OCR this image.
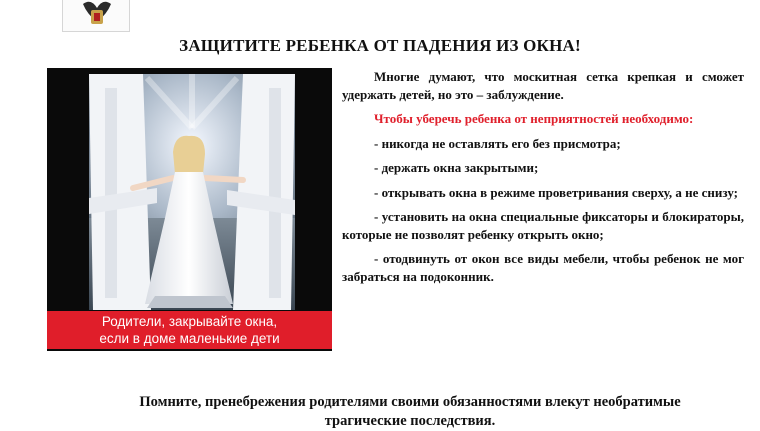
ЗАЩИТИТЕ РЕБЕНКА ОТ ПАДЕНИЯ ИЗ ОКНА!
Родители, закрывайте окна,
если в доме маленькие дети

Многие думают, что москитная сетка крепкая и сможет удержать детей, но это – заблуждение.

Чтобы уберечь ребенка от неприятностей необходимо:

- никогда не оставлять его без присмотра;

- держать окна закрытыми;

- открывать окна в режиме проветривания сверху, а не снизу;

- установить на окна специальные фиксаторы и блокираторы, которые не позволят ребенку открыть окно;

- отодвинуть от окон все виды мебели, чтобы ребенок не мог забраться на подоконник.

Помните, пренебрежения родителями своими обязанностями влекут необратимые
трагические последствия.
